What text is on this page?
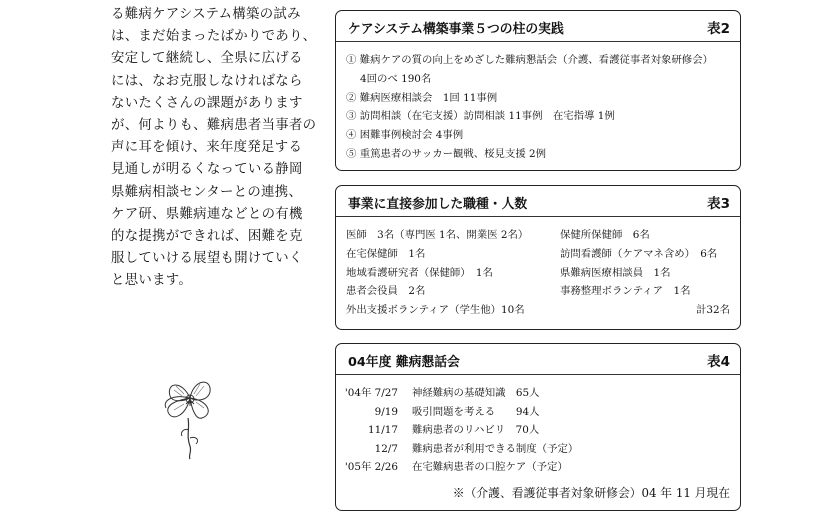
る難病ケアシステム構築の試み
は、まだ始まったばかりであり、
安定して継続し、全県に広げる
には、なお克服しなければなら
ないたくさんの課題があります
が、何よりも、難病患者当事者の
声に耳を傾け、来年度発足する
見通しが明るくなっている静岡
県難病相談センターとの連携、
ケア研、県難病連などとの有機
的な提携ができれば、困難を克
服していける展望も開けていく
と思います。
ケアシステム構築事業５つの柱の実践	表2
① 難病ケアの質の向上をめざした難病懇話会（介護、看護従事者対象研修会）
4回のべ 190名
② 難病医療相談会　1回 11事例
③ 訪問相談（在宅支援）訪問相談 11事例　在宅指導 1例
④ 困難事例検討会 4事例
⑤ 重篤患者のサッカー観戦、桜見支援 2例
事業に直接参加した職種・人数	表3
医師　3名（専門医 1名、開業医 2名）	保健所保健師　6名
在宅保健師　1名	訪問看護師（ケアマネ含め）　6名
地域看護研究者（保健師）　1名	県難病医療相談員　1名
患者会役員　2名	事務整理ボランティア　1名
外出支援ボランティア（学生他）10名	計32名
04年度 難病懇話会	表4
'04年 7/27 神経難病の基礎知識　65人
9/19 吸引問題を考える　　94人
11/17 難病患者のリハビリ　70人
12/7 難病患者が利用できる制度（予定）
'05年 2/26 在宅難病患者の口腔ケア（予定）
※（介護、看護従事者対象研修会）04 年 11 月現在
